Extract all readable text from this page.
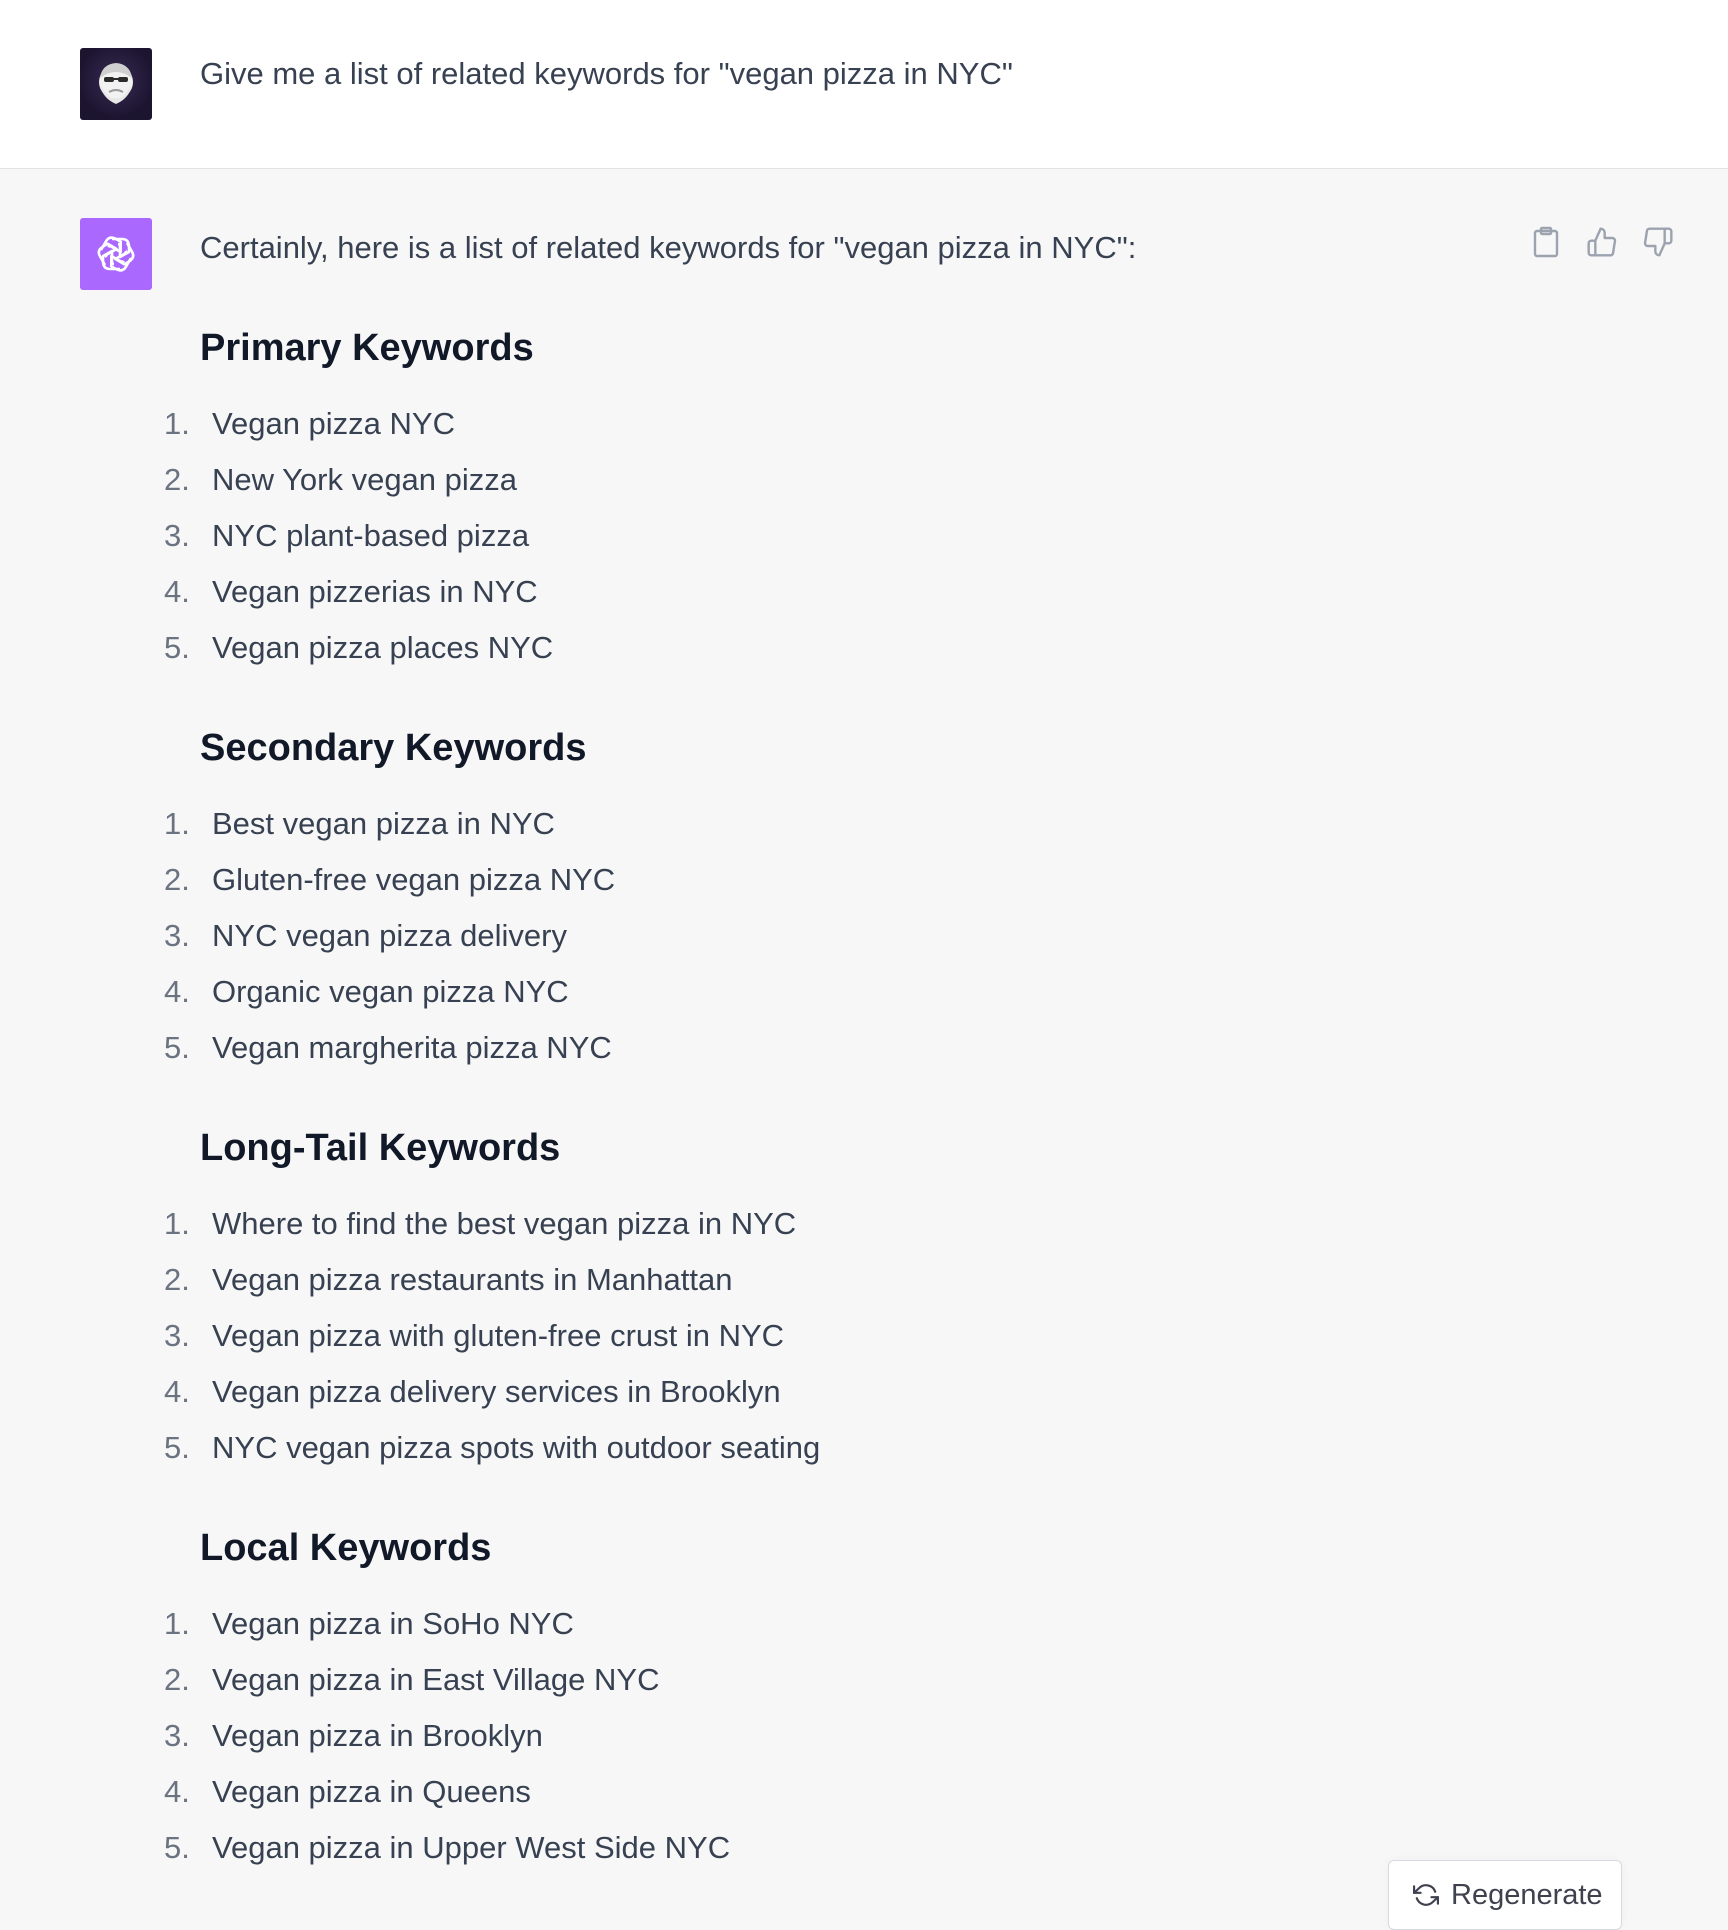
Give me a list of related keywords for "vegan pizza in NYC"

Certainly, here is a list of related keywords for "vegan pizza in NYC":

Primary Keywords
1. Vegan pizza NYC
2. New York vegan pizza
3. NYC plant-based pizza
4. Vegan pizzerias in NYC
5. Vegan pizza places NYC
Secondary Keywords
1. Best vegan pizza in NYC
2. Gluten-free vegan pizza NYC
3. NYC vegan pizza delivery
4. Organic vegan pizza NYC
5. Vegan margherita pizza NYC
Long-Tail Keywords
1. Where to find the best vegan pizza in NYC
2. Vegan pizza restaurants in Manhattan
3. Vegan pizza with gluten-free crust in NYC
4. Vegan pizza delivery services in Brooklyn
5. NYC vegan pizza spots with outdoor seating
Local Keywords
1. Vegan pizza in SoHo NYC
2. Vegan pizza in East Village NYC
3. Vegan pizza in Brooklyn
4. Vegan pizza in Queens
5. Vegan pizza in Upper West Side NYC
Regenerate
